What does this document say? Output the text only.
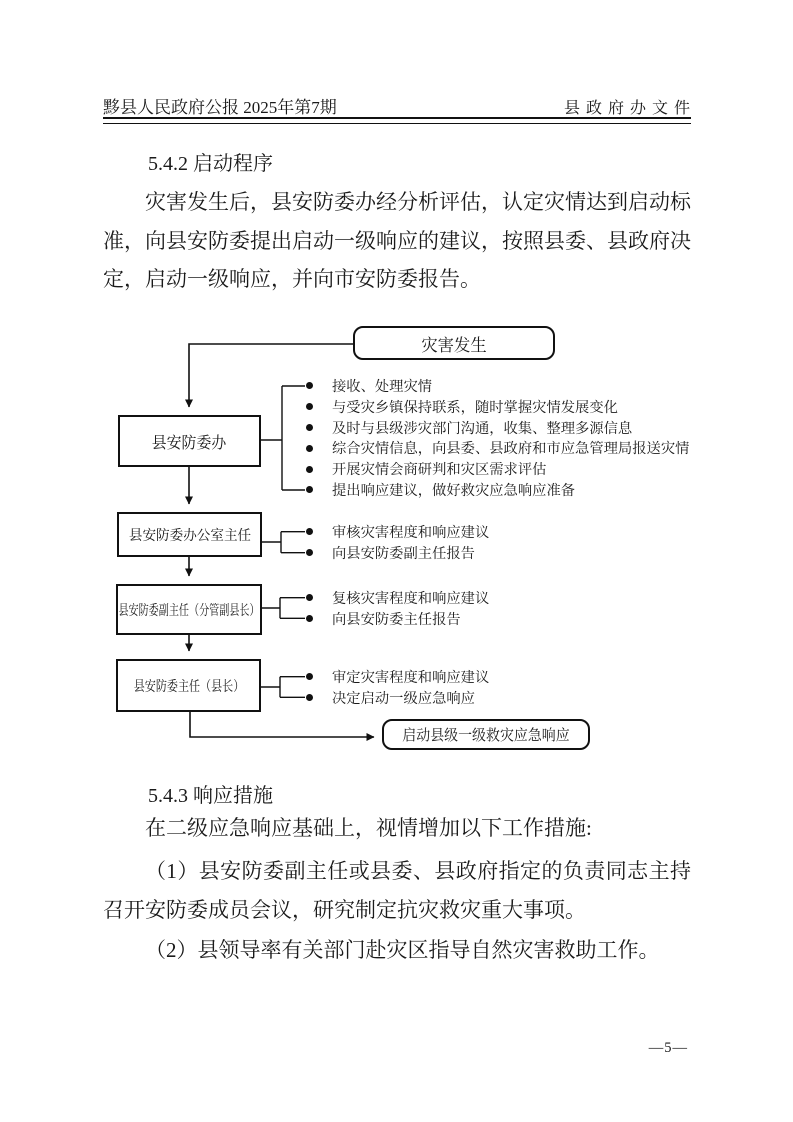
黟县人民政府公报 2025年第7期	县政府办文件
5.4.2 启动程序
灾害发生后，县安防委办经分析评估，认定灾情达到启动标准，向县安防委提出启动一级响应的建议，按照县委、县政府决定，启动一级响应，并向市安防委报告。
灾害发生
县安防委办
县安防委办公室主任
县安防委副主任（分管副县长）
县安防委主任（县长）
启动县级一级救灾应急响应
接收、处理灾情
与受灾乡镇保持联系，随时掌握灾情发展变化
及时与县级涉灾部门沟通，收集、整理多源信息
综合灾情信息，向县委、县政府和市应急管理局报送灾情
开展灾情会商研判和灾区需求评估
提出响应建议，做好救灾应急响应准备
审核灾害程度和响应建议
向县安防委副主任报告
复核灾害程度和响应建议
向县安防委主任报告
审定灾害程度和响应建议
决定启动一级应急响应
5.4.3 响应措施
在二级应急响应基础上，视情增加以下工作措施:
（1）县安防委副主任或县委、县政府指定的负责同志主持召开安防委成员会议，研究制定抗灾救灾重大事项。
（2）县领导率有关部门赴灾区指导自然灾害救助工作。
—5—
